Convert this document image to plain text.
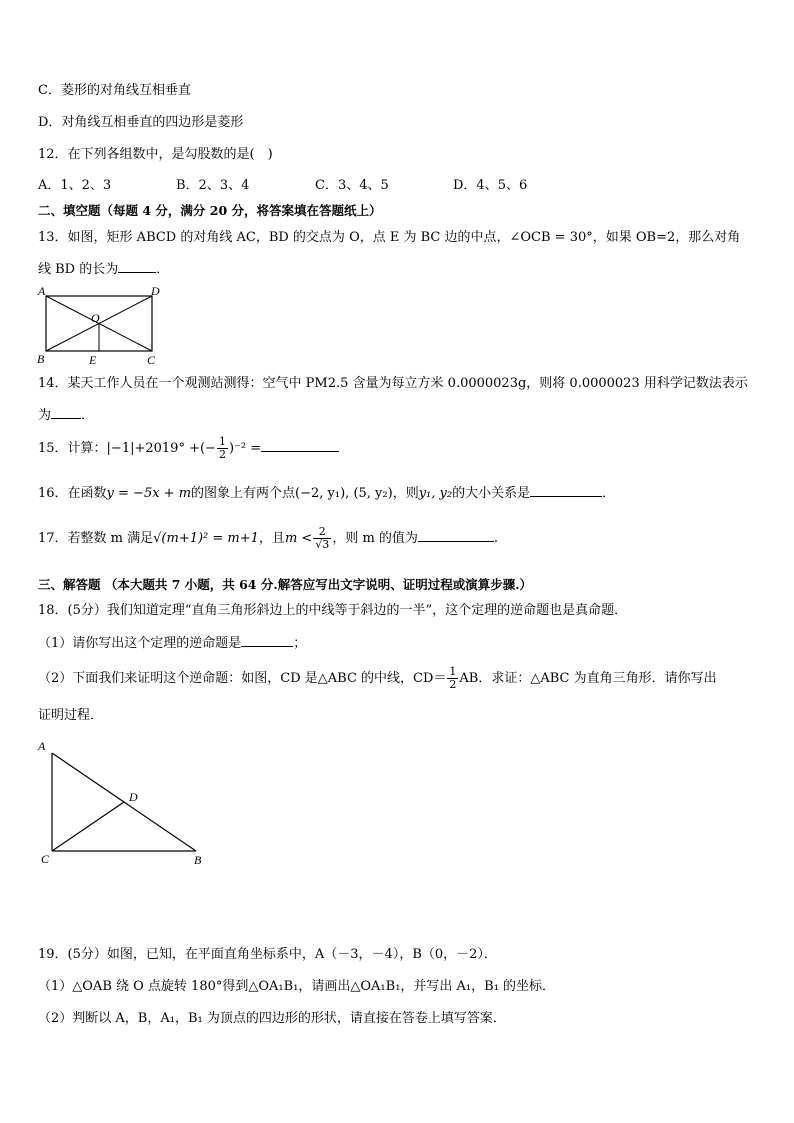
C．菱形的对角线互相垂直
D．对角线互相垂直的四边形是菱形
12．在下列各组数中，是勾股数的是(　)
A．1、2、3	B．2、3、4	C．3、4、5	D．4、5、6
二、填空题（每题 4 分，满分 20 分，将答案填在答题纸上）
13．如图，矩形 ABCD 的对角线 AC，BD 的交点为 O，点 E 为 BC 边的中点，∠OCB = 30°，如果 OB=2，那么对角
线 BD 的长为	．
A	D
B	C
O
E
14．某天工作人员在一个观测站测得：空气中 PM2.5 含量为每立方米 0.0000023g，则将 0.0000023 用科学记数法表示
为 ．
15．计算：|−1|+2019° +(− $\frac{1}{2} )^{-2}$ =
16．在函数y = −5x + m的图象上有两个点(−2, y₁), (5, y₂)，则y₁, y₂的大小关系是	．
17．若整数 m 满足√(m+1)² = m+1，且$m < \frac{2}{√3}$ ，则 m 的值为	.
三、解答题 （本大题共 7 小题，共 64 分.解答应写出文字说明、证明过程或演算步骤.）
18．(5分）我们知道定理“直角三角形斜边上的中线等于斜边的一半”，这个定理的逆命题也是真命题．
（1）请你写出这个定理的逆命题是	；
（2）下面我们来证明这个逆命题：如图，CD 是△ABC 的中线，$CD= \frac{1}{2}$ AB．求证：△ABC 为直角三角形．请你写出
证明过程．
A
D
C	B
19．(5分）如图，已知，在平面直角坐标系中，A（－3，－4），B（0，－2）．
（1）△OAB 绕 O 点旋转 180°得到△OA₁B₁，请画出△OA₁B₁，并写出 A₁，B₁ 的坐标．
（2）判断以 A，B，A₁，B₁ 为顶点的四边形的形状，请直接在答卷上填写答案．
